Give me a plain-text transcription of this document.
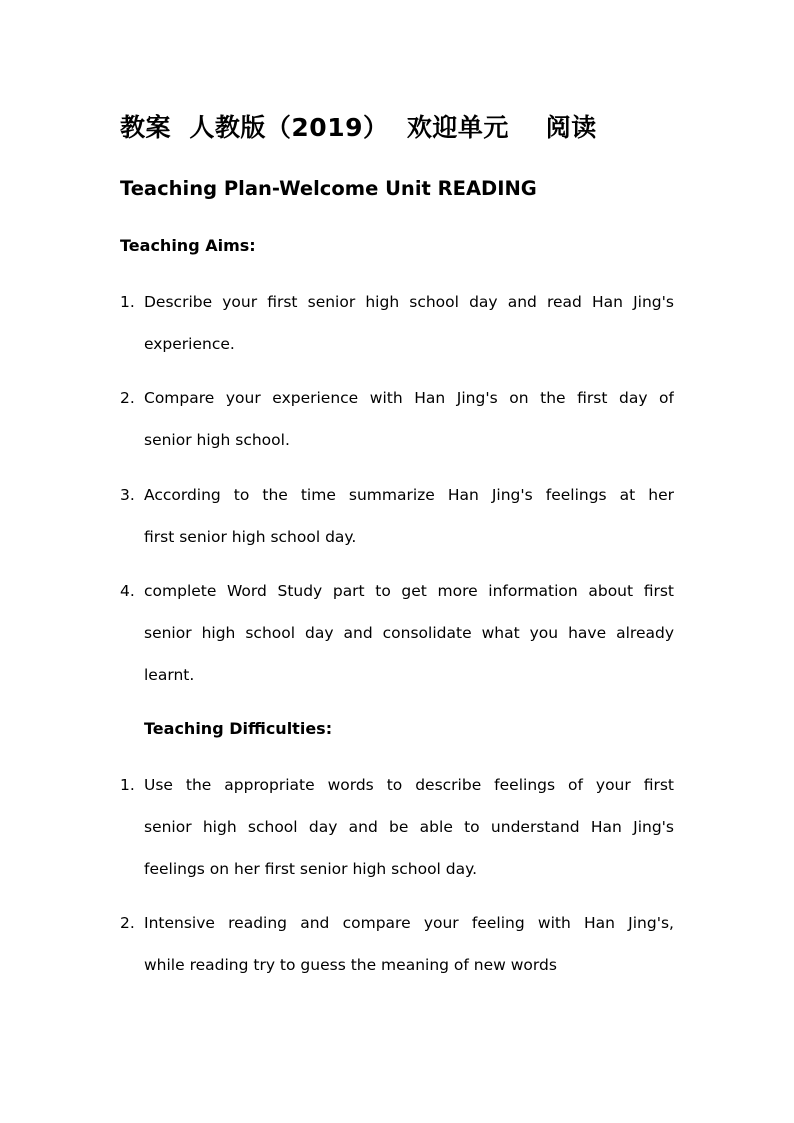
教案  人教版（2019）  欢迎单元    阅读
Teaching Plan-Welcome Unit READING
Teaching Aims:
1. Describe your first senior high school day and read Han Jing's
experience.
2. Compare your experience with Han Jing's on the first day of
senior high school.
3. According to the time summarize Han Jing's feelings at her
first senior high school day.
4. complete Word Study part to get more information about first
senior high school day and consolidate what you have already
learnt.
Teaching Difficulties:
1. Use the appropriate words to describe feelings of your first
senior high school day and be able to understand Han Jing's
feelings on her first senior high school day.
2. Intensive reading and compare your feeling with Han Jing's,
while reading try to guess the meaning of new words
